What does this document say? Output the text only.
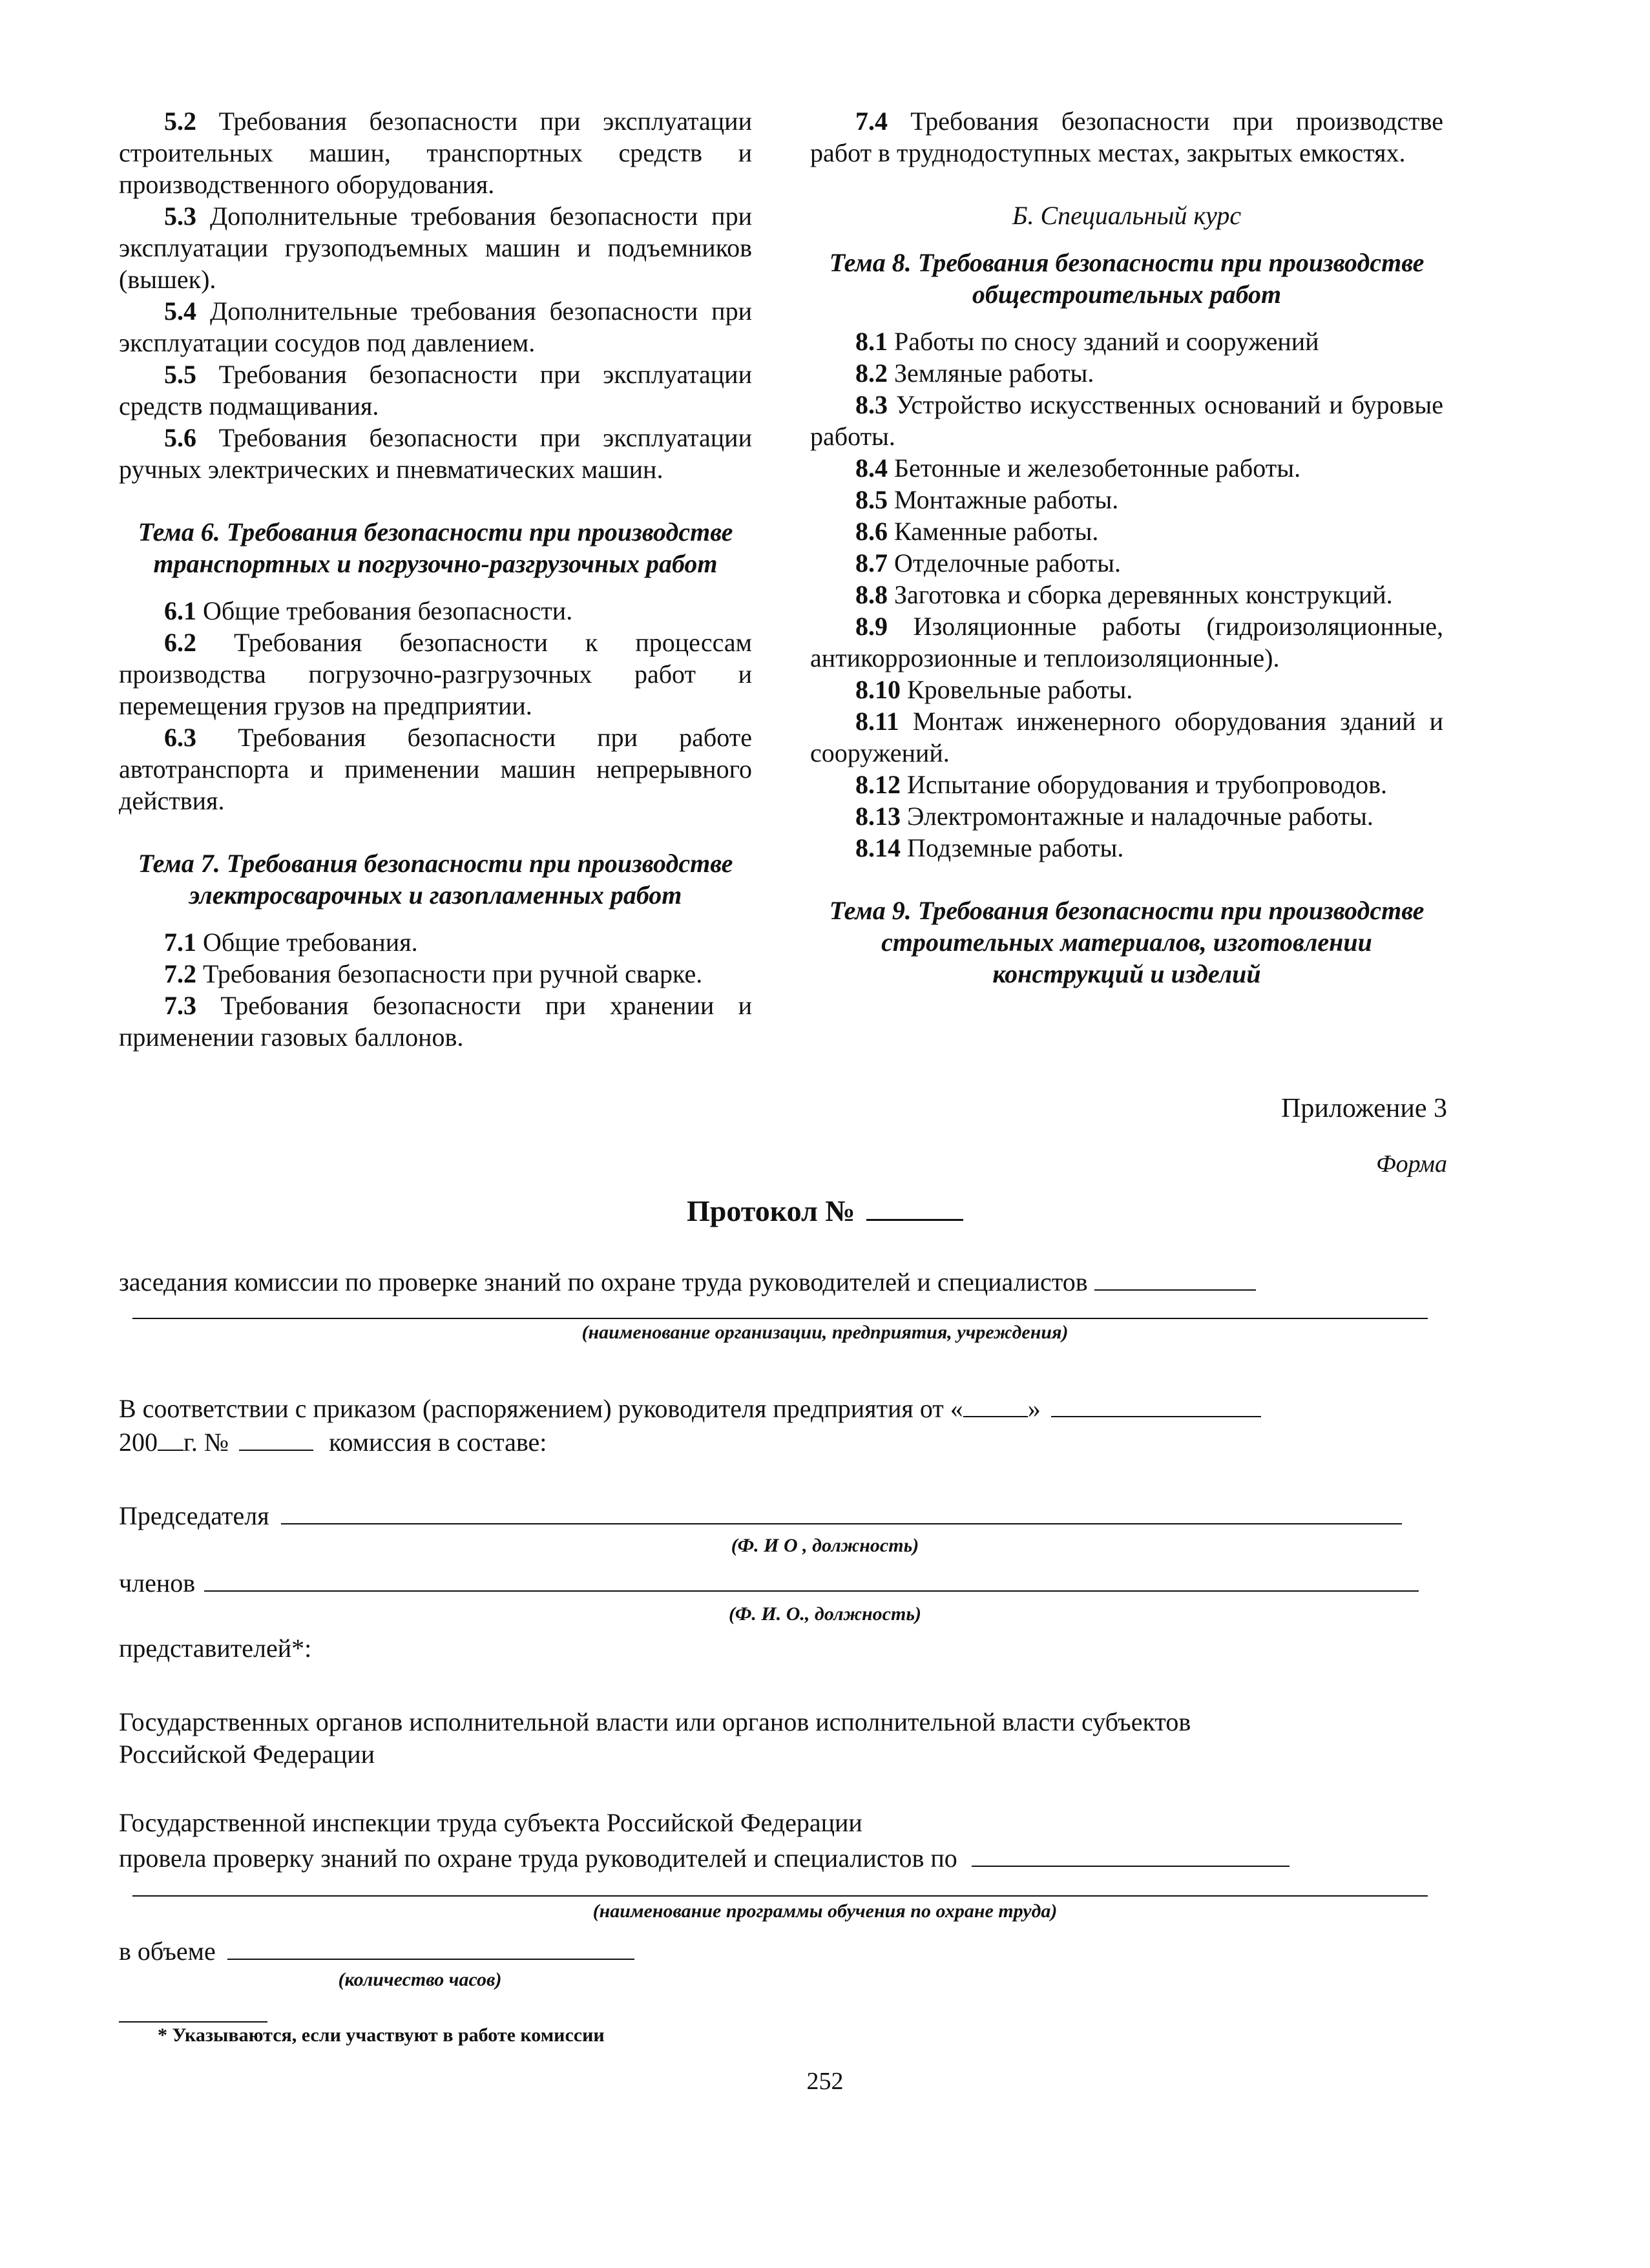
5.2 Требования безопасности при эксплуатации строительных машин, транспортных средств и производственного оборудования.

5.3 Дополнительные требования безопасности при эксплуатации грузоподъемных машин и подъемников (вышек).

5.4 Дополнительные требования безопасности при эксплуатации сосудов под давлением.

5.5 Требования безопасности при эксплуатации средств подмащивания.

5.6 Требования безопасности при эксплуатации ручных электрических и пневматических машин.

Тема 6. Требования безопасности при производстве транспортных и погрузочно-разгрузочных работ

6.1 Общие требования безопасности.

6.2 Требования безопасности к процессам производства погрузочно-разгрузочных работ и перемещения грузов на предприятии.

6.3 Требования безопасности при работе автотранспорта и применении машин непрерывного действия.

Тема 7. Требования безопасности при производстве электросварочных и газопламенных работ

7.1 Общие требования.

7.2 Требования безопасности при ручной сварке.

7.3 Требования безопасности при хранении и применении газовых баллонов.

7.4 Требования безопасности при производстве работ в труднодоступных местах, закрытых емкостях.

Б. Специальный курс

Тема 8. Требования безопасности при производстве общестроительных работ

8.1 Работы по сносу зданий и сооружений

8.2 Земляные работы.

8.3 Устройство искусственных оснований и буровые работы.

8.4 Бетонные и железобетонные работы.

8.5 Монтажные работы.

8.6 Каменные работы.

8.7 Отделочные работы.

8.8 Заготовка и сборка деревянных конструкций.

8.9 Изоляционные работы (гидроизоляционные, антикоррозионные и теплоизоляционные).

8.10 Кровельные работы.

8.11 Монтаж инженерного оборудования зданий и сооружений.

8.12 Испытание оборудования и трубопроводов.

8.13 Электромонтажные и наладочные работы.

8.14 Подземные работы.

Тема 9. Требования безопасности при производстве строительных материалов, изготовлении конструкций и изделий

Приложение 3
Форма
Протокол №
заседания комиссии по проверке знаний по охране труда руководителей и специалистов
(наименование организации, предприятия, учреждения)
В соответствии с приказом (распоряжением) руководителя предприятия от «	»
200 г. №	комиссия в составе:
Председателя
(Ф. И О , должность)
членов
(Ф. И. О., должность)
представителей*:
Государственных органов исполнительной власти или органов исполнительной власти субъектов
Российской Федерации
Государственной инспекции труда субъекта Российской Федерации
провела проверку знаний по охране труда руководителей и специалистов по
(наименование программы обучения по охране труда)
в объеме
(количество часов)
* Указываются, если участвуют в работе комиссии
252
